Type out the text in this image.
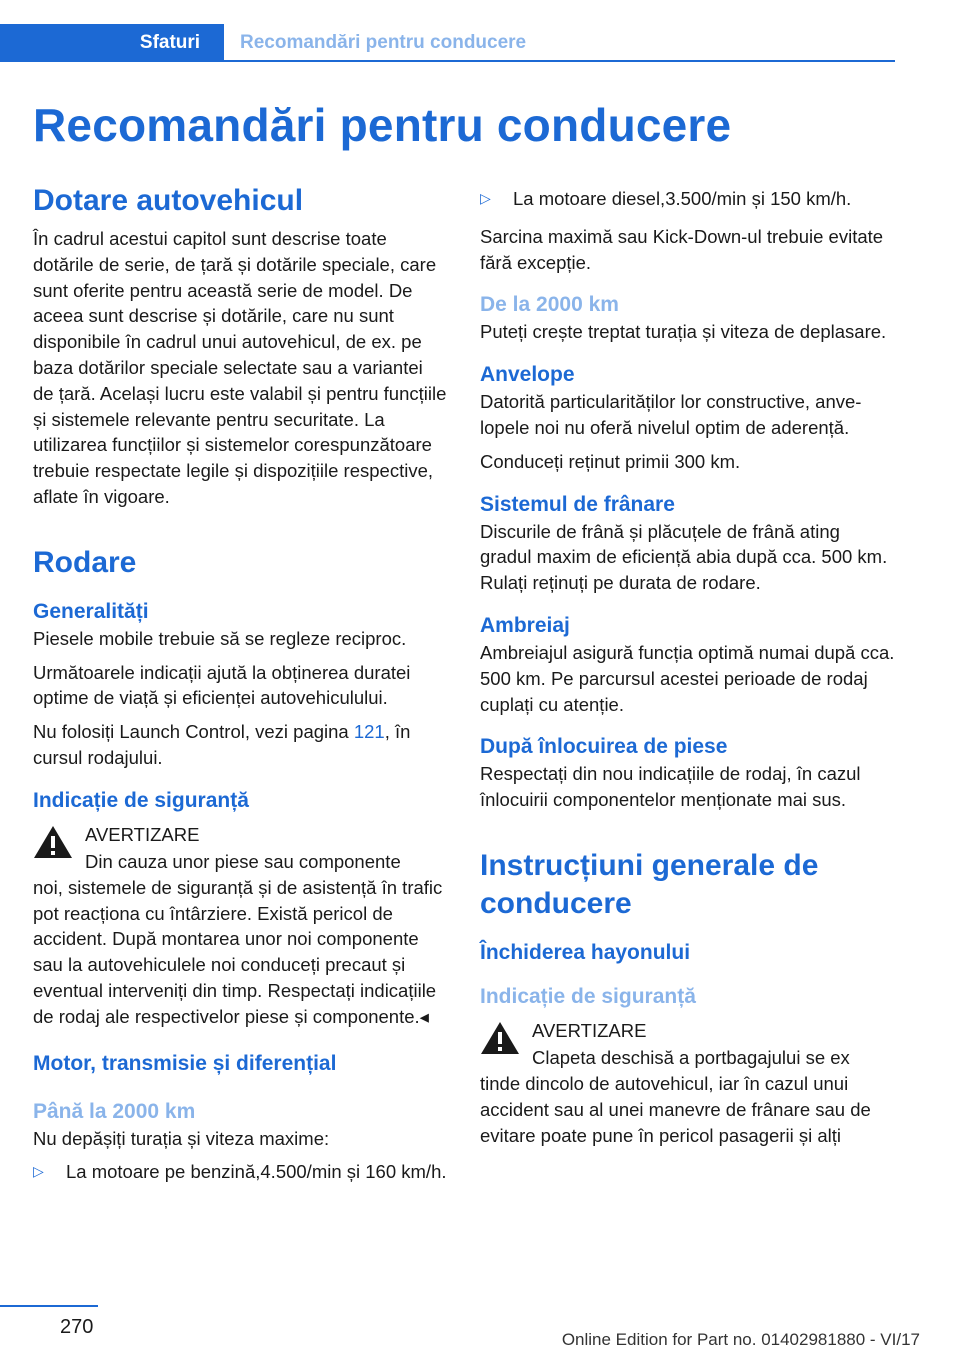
Sfaturi	Recomandări pentru conducere
Recomandări pentru conducere
Dotare autovehicul

În cadrul acestui capitol sunt descrise toate dotările de serie, de țară și dotările speciale, care sunt oferite pentru această serie de model. De aceea sunt descrise și dotările, care nu sunt disponibile în cadrul unui autovehicul, de ex. pe baza dotărilor speciale selectate sau a variantei de țară. Același lucru este valabil și pentru funcțiile și sistemele relevante pentru securitate. La utilizarea funcțiilor și sistemelor corespunzătoare trebuie respectate legile și dispozițiile respective, aflate în vigoare.

Rodare
Generalități

Piesele mobile trebuie să se regleze reciproc.

Următoarele indicații ajută la obținerea duratei optime de viață și eficienței autovehiculului.

Nu folosiți Launch Control, vezi pagina 121, în cursul rodajului.

Indicație de siguranță
AVERTIZARE
Din cauza unor piese sau componente

noi, sistemele de siguranță și de asistență în trafic pot reacționa cu întârziere. Există pericol de accident. După montarea unor noi componente sau la autovehiculele noi conduceți precaut și eventual interveniți din timp. Respectați indicațiile de rodaj ale respectivelor piese și componente.◂

Motor, transmisie și diferențial
Până la 2000 km

Nu depășiți turația și viteza maxime:

▷ La motoare pe benzină,4.500/min și 160 km/h.
▷ La motoare diesel,3.500/min și 150 km/h.

Sarcina maximă sau Kick-Down-ul trebuie evitate fără excepție.

De la 2000 km

Puteți crește treptat turația și viteza de deplasare.

Anvelope

Datorită particularităților lor constructive, anvelopele noi nu oferă nivelul optim de aderență.

Conduceți reținut primii 300 km.

Sistemul de frânare

Discurile de frână și plăcuțele de frână ating gradul maxim de eficiență abia după cca. 500 km. Rulați reținuți pe durata de rodare.

Ambreiaj

Ambreiajul asigură funcția optimă numai după cca. 500 km. Pe parcursul acestei perioade de rodaj cuplați cu atenție.

După înlocuirea de piese

Respectați din nou indicațiile de rodaj, în cazul înlocuirii componentelor menționate mai sus.

Instrucțiuni generale de conducere
Închiderea hayonului
Indicație de siguranță
AVERTIZARE
Clapeta deschisă a portbagajului se ex

tinde dincolo de autovehicul, iar în cazul unui accident sau al unei manevre de frânare sau de evitare poate pune în pericol pasagerii și alți

270
Online Edition for Part no. 01402981880 - VI/17
